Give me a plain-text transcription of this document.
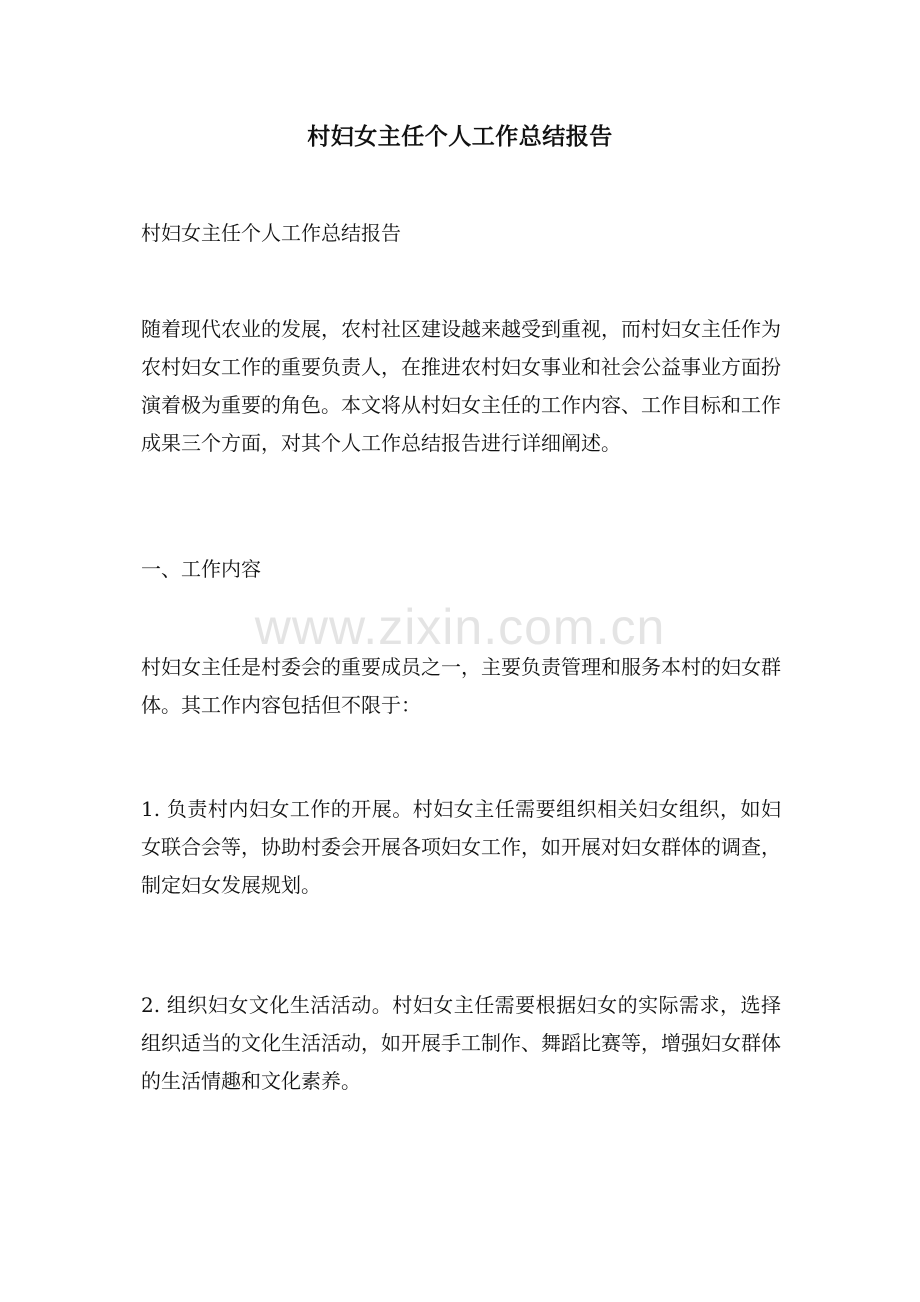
村妇女主任个人工作总结报告
村妇女主任个人工作总结报告
随着现代农业的发展，农村社区建设越来越受到重视，而村妇女主任作为农村妇女工作的重要负责人，在推进农村妇女事业和社会公益事业方面扮演着极为重要的角色。本文将从村妇女主任的工作内容、工作目标和工作成果三个方面，对其个人工作总结报告进行详细阐述。
一、工作内容
村妇女主任是村委会的重要成员之一，主要负责管理和服务本村的妇女群体。其工作内容包括但不限于：
1. 负责村内妇女工作的开展。村妇女主任需要组织相关妇女组织，如妇女联合会等，协助村委会开展各项妇女工作，如开展对妇女群体的调查，制定妇女发展规划。
2. 组织妇女文化生活活动。村妇女主任需要根据妇女的实际需求，选择组织适当的文化生活活动，如开展手工制作、舞蹈比赛等，增强妇女群体的生活情趣和文化素养。
www.zixin.com.cn
